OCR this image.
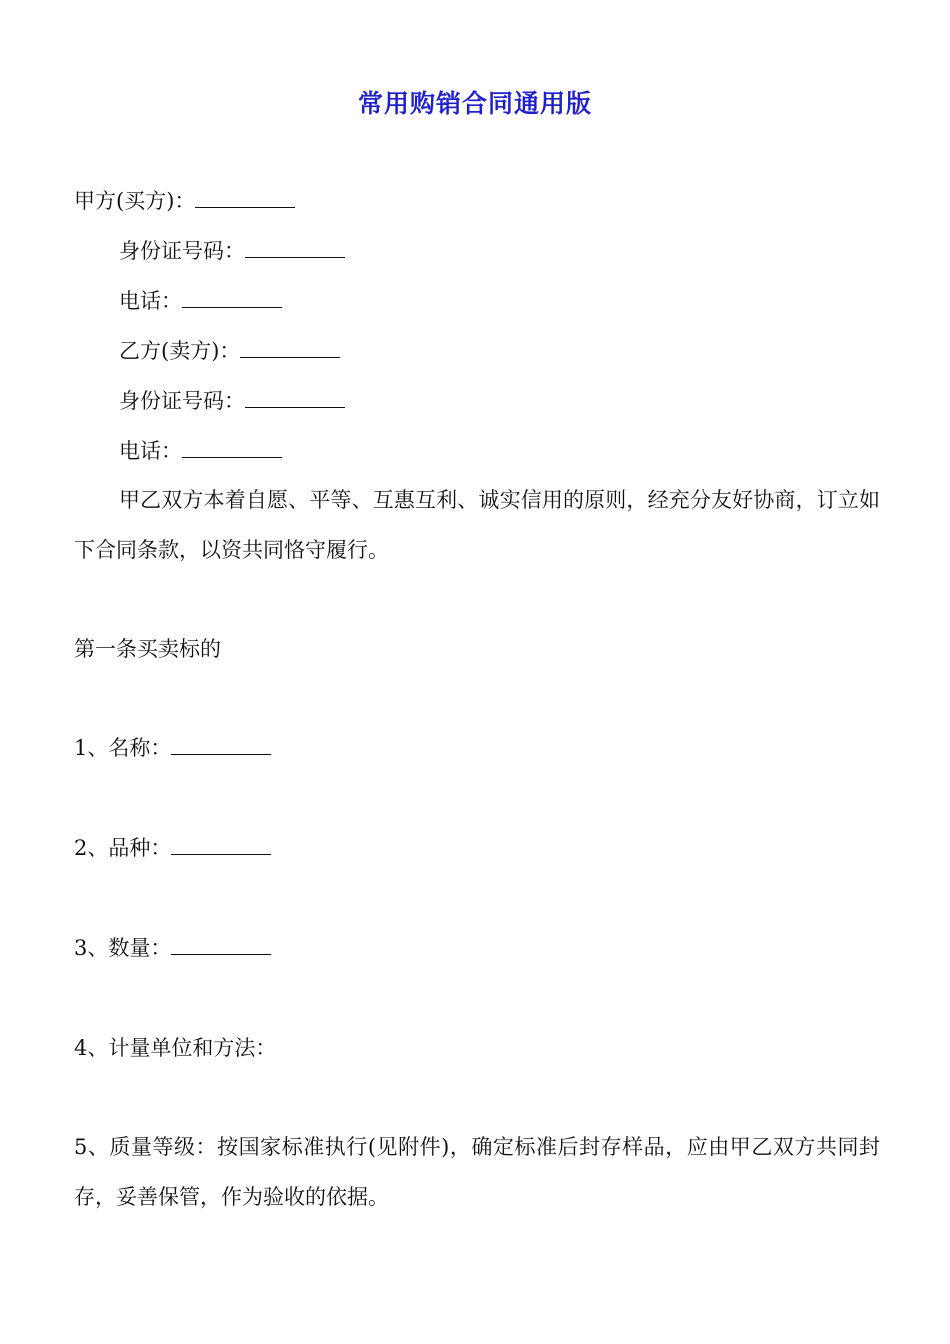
常用购销合同通用版
甲方(买方)：
身份证号码：
电话：
乙方(卖方)：
身份证号码：
电话：
甲乙双方本着自愿、平等、互惠互利、诚实信用的原则，经充分友好协商，订立如下合同条款，以资共同恪守履行。
第一条买卖标的
1、名称：
2、品种：
3、数量：
4、计量单位和方法：
5、质量等级：按国家标准执行(见附件)，确定标准后封存样品，应由甲乙双方共同封存，妥善保管，作为验收的依据。
